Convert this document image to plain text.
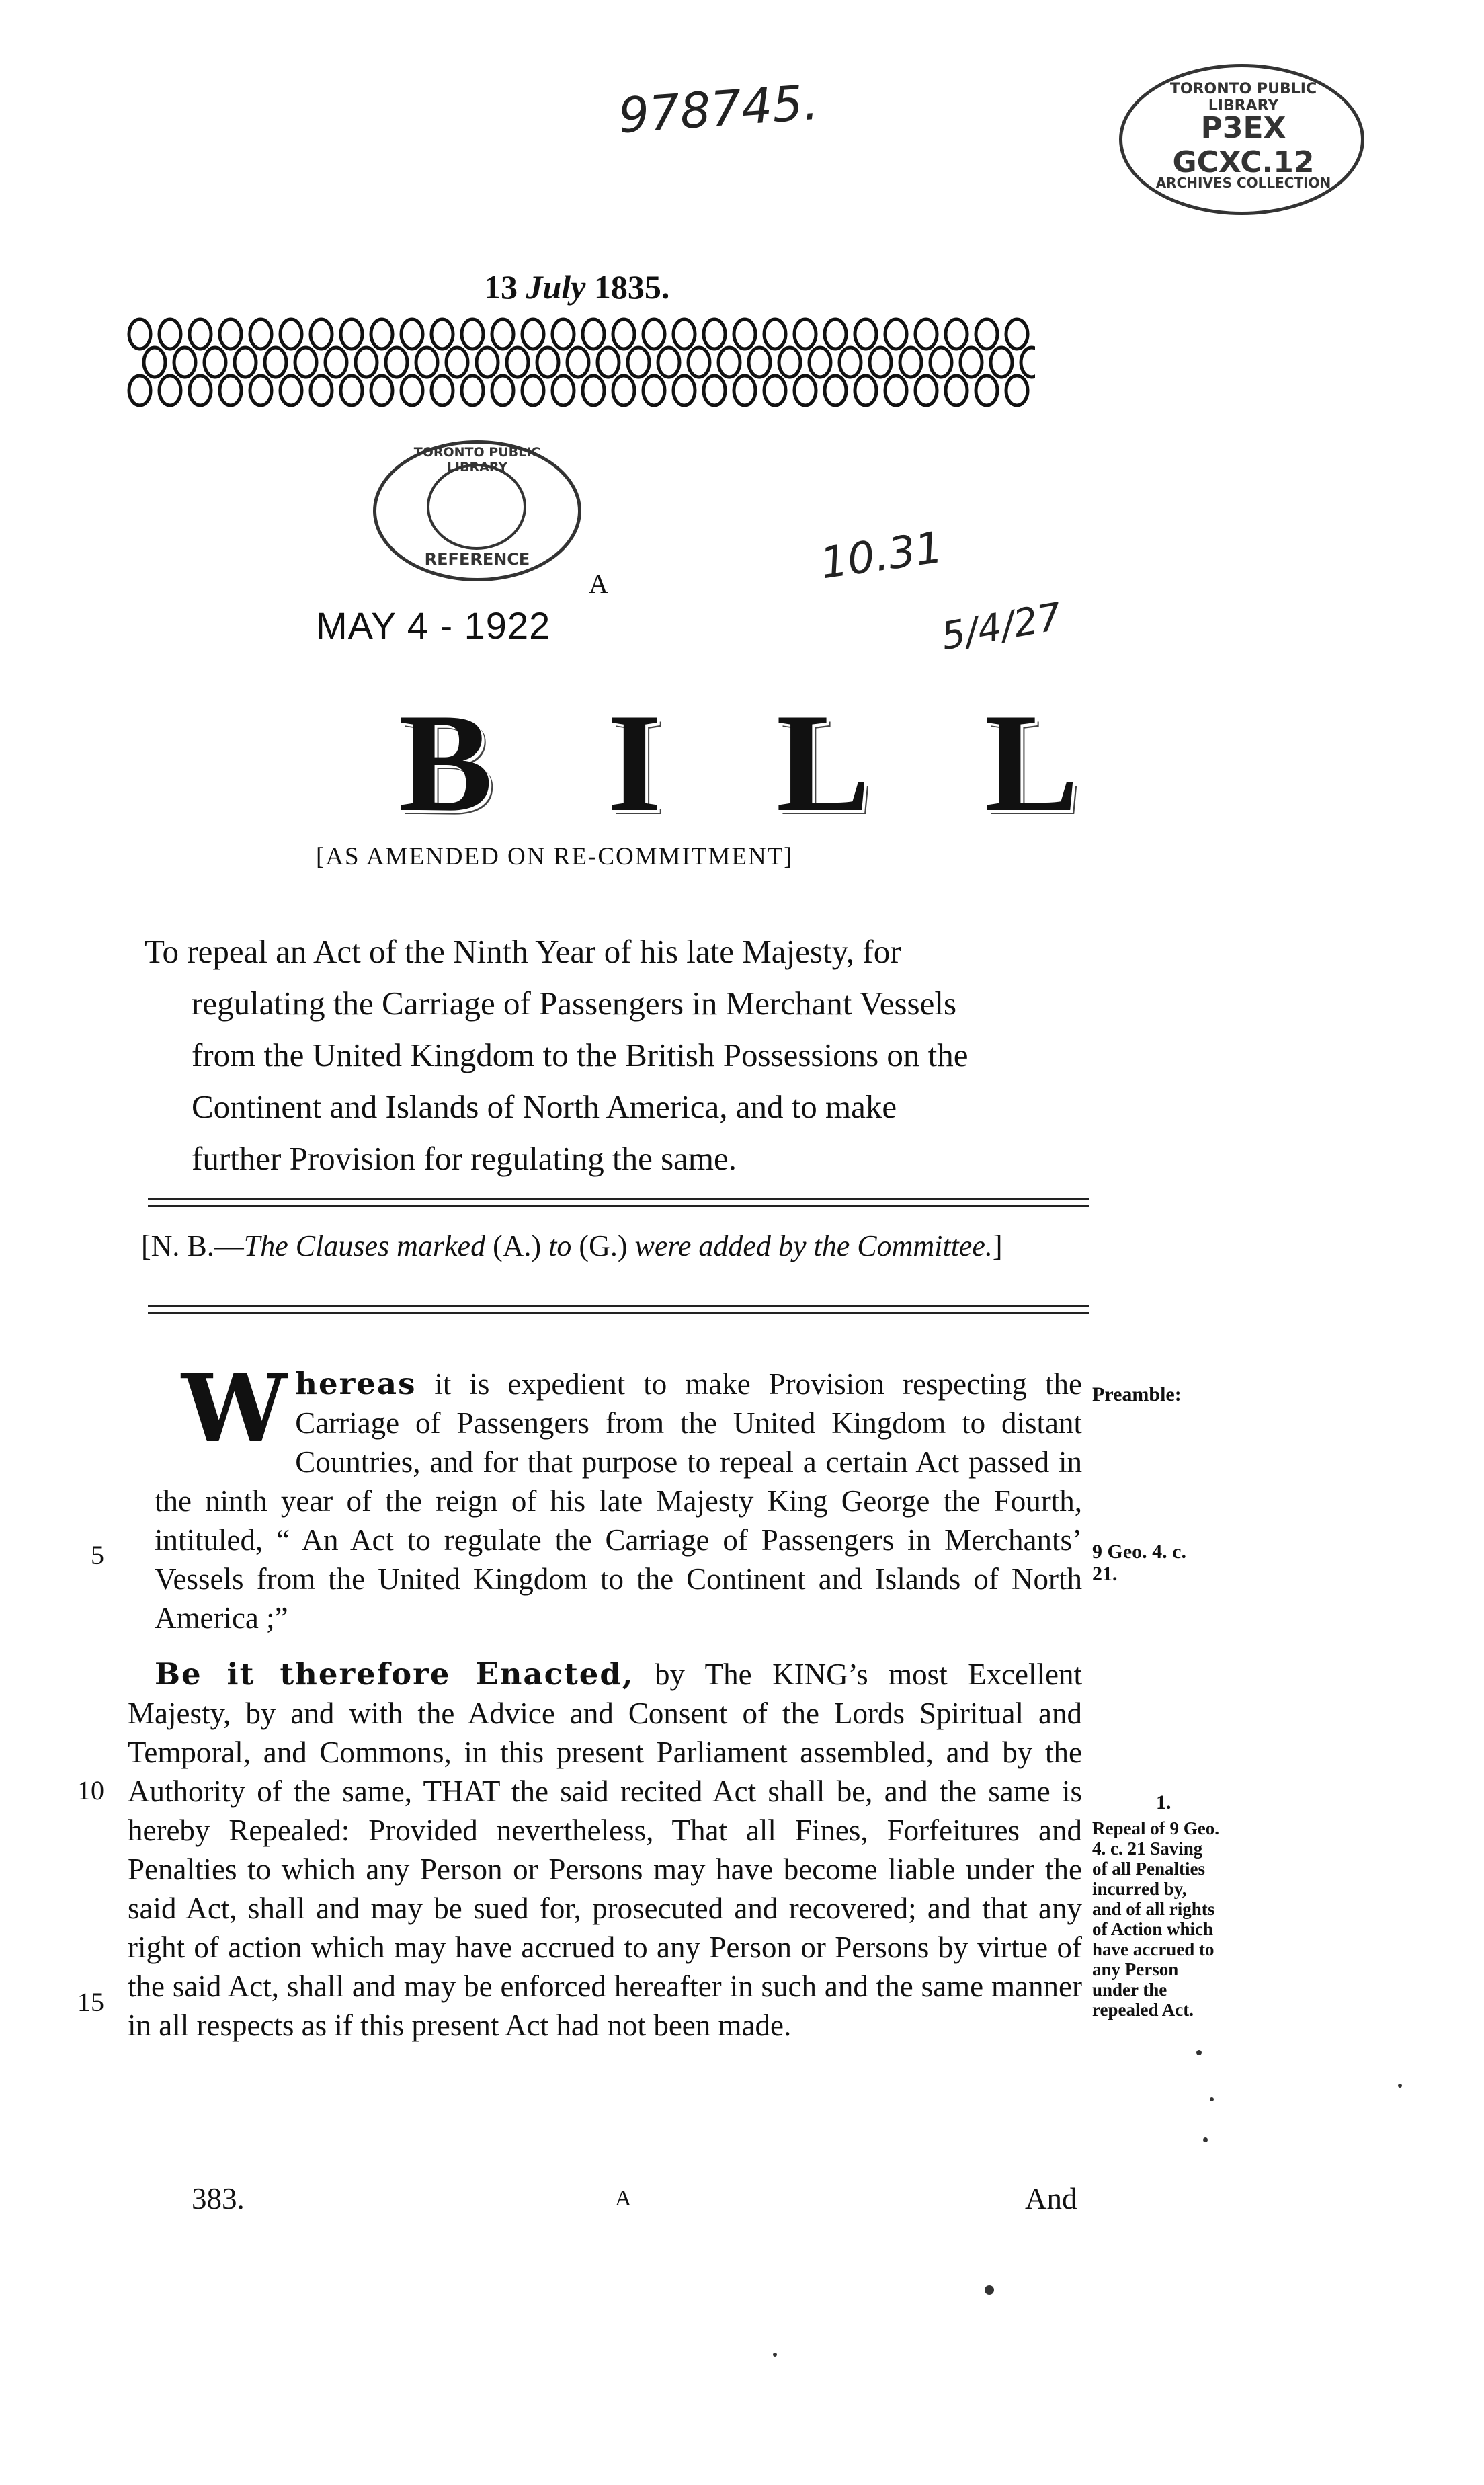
978745.	TORONTO PUBLIC LIBRARY
P3EX GCXC.12
ARCHIVES COLLECTION
13 July 1835.
TORONTO PUBLIC LIBRARY
REFERENCE	10.31
5/4/27
A
MAY 4 - 1922
BILL
[AS AMENDED ON RE-COMMITMENT]

To repeal an Act of the Ninth Year of his late Majesty, for

regulating the Carriage of Passengers in Merchant Vessels

from the United Kingdom to the British Possessions on the

Continent and Islands of North America, and to make

further Provision for regulating the same.

[N. B.—The Clauses marked (A.) to (G.) were added by the Committee.]

W hereas it is expedient to make Provision respecting the Carriage of Passengers from the United Kingdom to distant Countries, and for that purpose to repeal a certain Act passed in the ninth year of the reign of his late Majesty King George the Fourth, intituled, “ An Act to regulate the Carriage of Passengers in Merchants’ Vessels from the United Kingdom to the Continent and Islands of North America ;”

Be it therefore Enacted, by The KING’s most Excellent Majesty, by and with the Advice and Consent of the Lords Spiritual and Temporal, and Commons, in this present Parliament assembled, and by the Authority of the same, THAT the said recited Act shall be, and the same is hereby Repealed: Provided nevertheless, That all Fines, Forfeitures and Penalties to which any Person or Persons may have become liable under the said Act, shall and may be sued for, prosecuted and recovered; and that any right of action which may have accrued to any Person or Persons by virtue of the said Act, shall and may be enforced hereafter in such and the same manner in all respects as if this present Act had not been made.

5
10
15
Preamble:
9 Geo. 4. c. 21.
1.
Repeal of 9 Geo. 4. c. 21 Saving of all Penalties incurred by, and of all rights of Action which have accrued to any Person under the repealed Act.
383.	A	And
